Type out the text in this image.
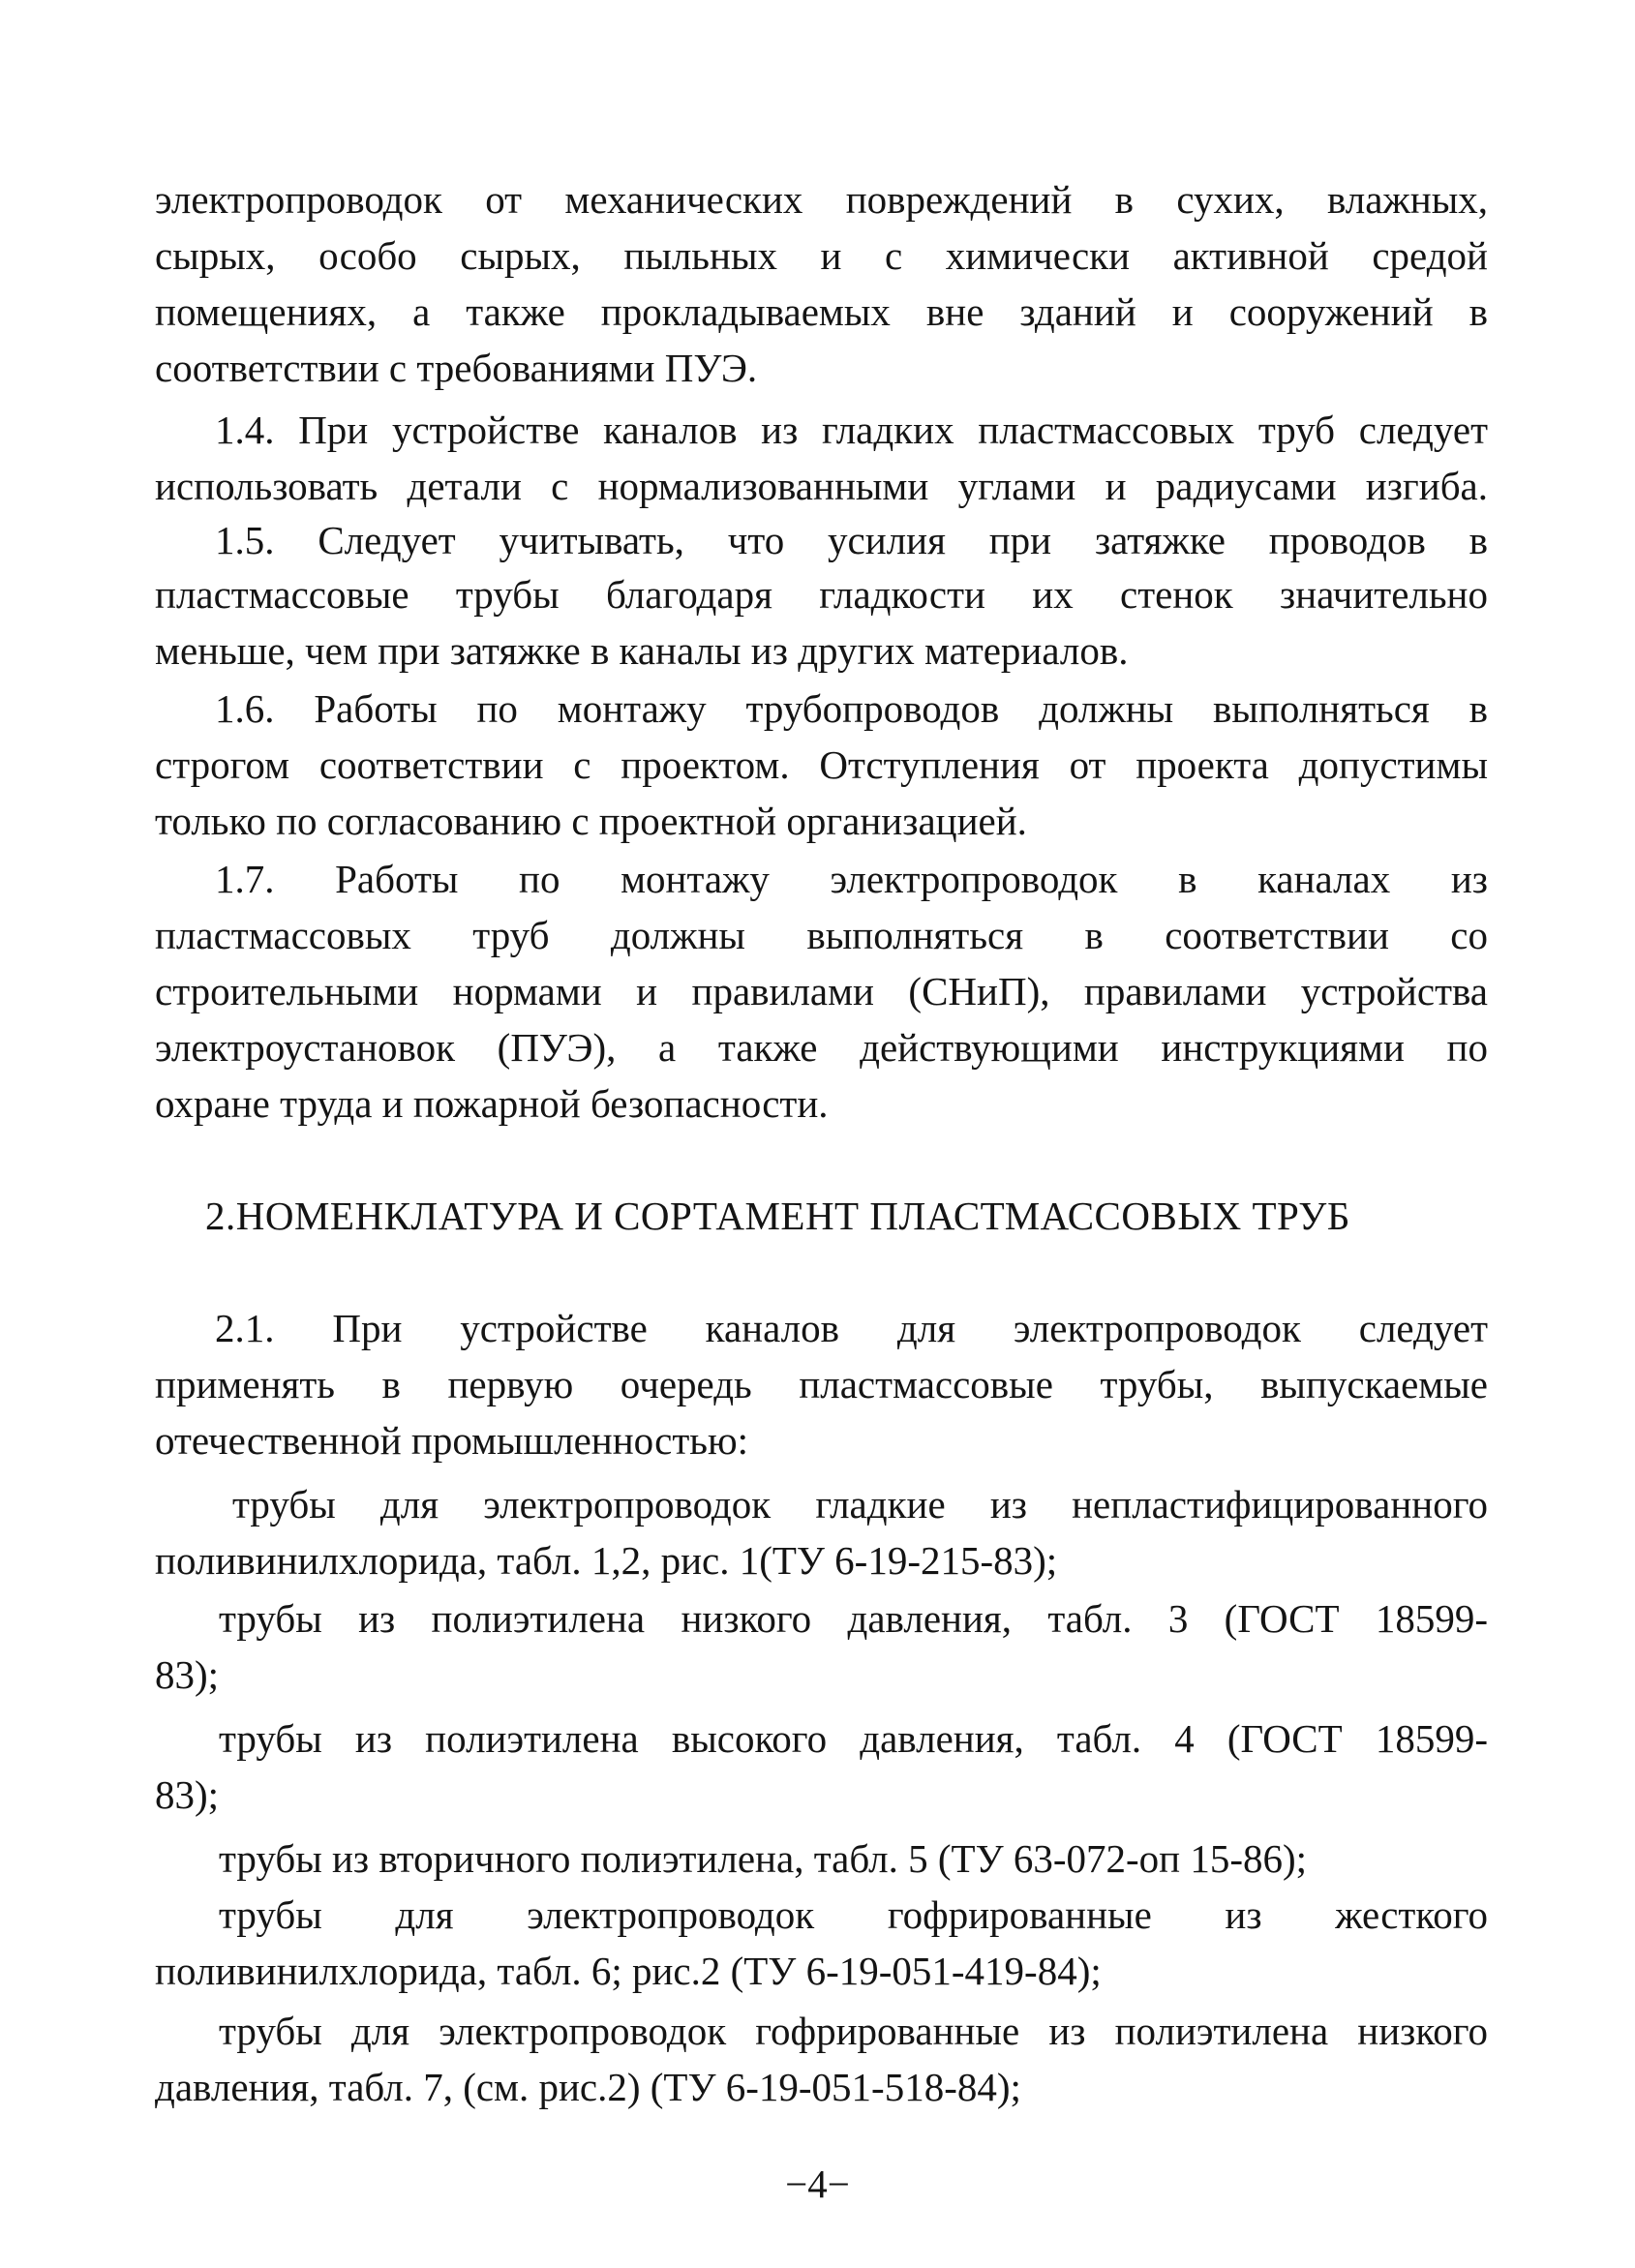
электропроводок от механических повреждений в сухих, влажных,
сырых, особо сырых, пыльных и с химически активной средой
помещениях, а также прокладываемых вне зданий и сооружений в
соответствии с требованиями ПУЭ.
1.4. При устройстве каналов из гладких пластмассовых труб следует
использовать детали с нормализованными углами и радиусами изгиба.
1.5. Следует учитывать, что усилия при затяжке проводов в
пластмассовые трубы благодаря гладкости их стенок значительно
меньше, чем при затяжке в каналы из других материалов.
1.6. Работы по монтажу трубопроводов должны выполняться в
строгом соответствии с проектом. Отступления от проекта допустимы
только по согласованию с проектной организацией.
1.7. Работы по монтажу электропроводок в каналах из
пластмассовых труб должны выполняться в соответствии со
строительными нормами и правилами (СНиП), правилами устройства
электроустановок (ПУЭ), а также действующими инструкциями по
охране труда и пожарной безопасности.
2.НОМЕНКЛАТУРА И СОРТАМЕНТ ПЛАСТМАССОВЫХ ТРУБ
2.1. При устройстве каналов для электропроводок следует
применять в первую очередь пластмассовые трубы, выпускаемые
отечественной промышленностью:
трубы для электропроводок гладкие из непластифицированного
поливинилхлорида, табл. 1,2, рис. 1(ТУ 6-19-215-83);
трубы из полиэтилена низкого давления, табл. 3 (ГОСТ 18599-
83);
трубы из полиэтилена высокого давления, табл. 4 (ГОСТ 18599-
83);
трубы из вторичного полиэтилена, табл. 5 (ТУ 63-072-оп 15-86);
трубы для электропроводок гофрированные из жесткого
поливинилхлорида, табл. 6; рис.2 (ТУ 6-19-051-419-84);
трубы для электропроводок гофрированные из полиэтилена низкого
давления, табл. 7, (см. рис.2) (ТУ 6-19-051-518-84);
−4−
